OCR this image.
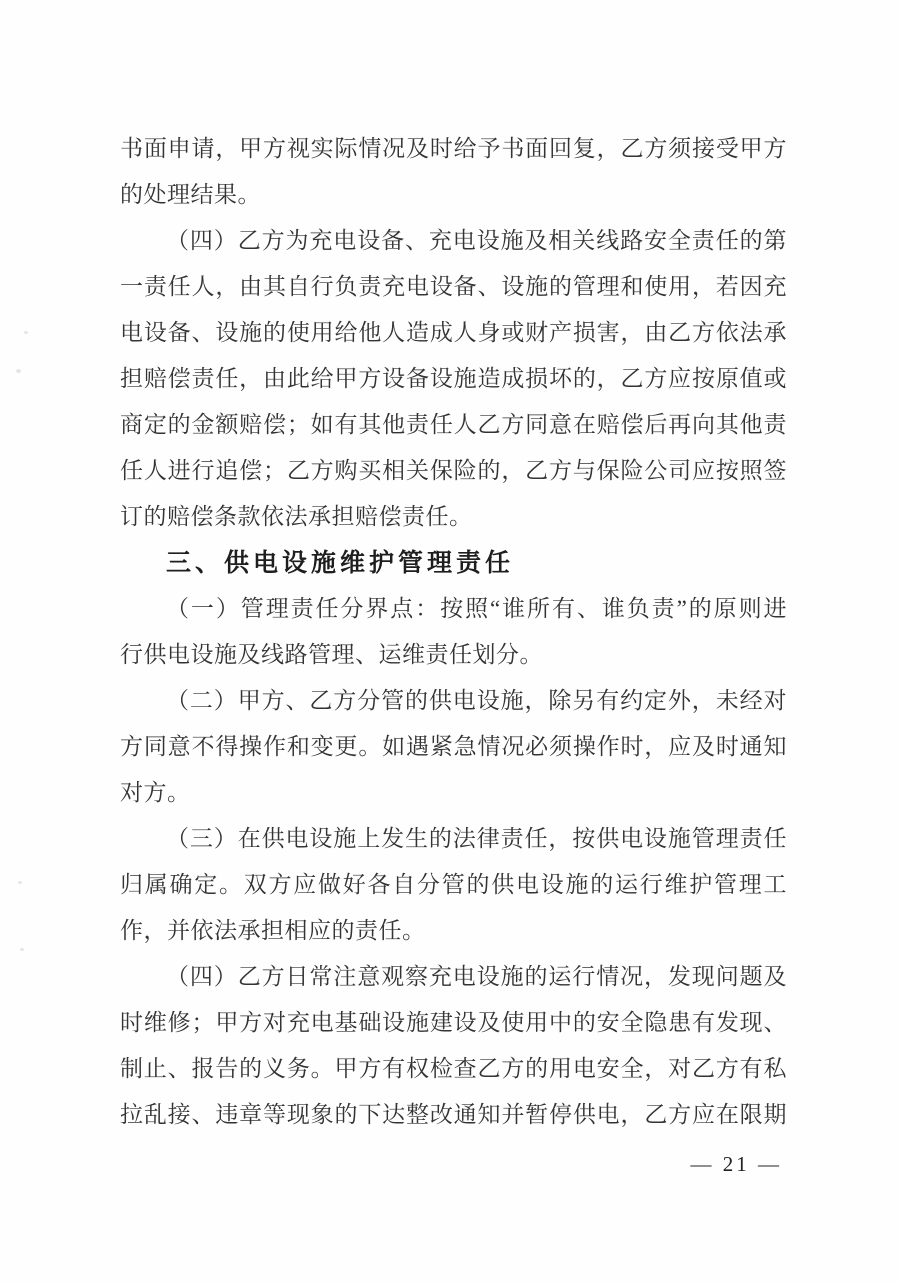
书面申请，甲方视实际情况及时给予书面回复，乙方须接受甲方
的处理结果。
（四）乙方为充电设备、充电设施及相关线路安全责任的第
一责任人，由其自行负责充电设备、设施的管理和使用，若因充
电设备、设施的使用给他人造成人身或财产损害，由乙方依法承
担赔偿责任，由此给甲方设备设施造成损坏的，乙方应按原值或
商定的金额赔偿；如有其他责任人乙方同意在赔偿后再向其他责
任人进行追偿；乙方购买相关保险的，乙方与保险公司应按照签
订的赔偿条款依法承担赔偿责任。
三、供电设施维护管理责任
（一）管理责任分界点：按照“谁所有、谁负责”的原则进
行供电设施及线路管理、运维责任划分。
（二）甲方、乙方分管的供电设施，除另有约定外，未经对
方同意不得操作和变更。如遇紧急情况必须操作时，应及时通知
对方。
（三）在供电设施上发生的法律责任，按供电设施管理责任
归属确定。双方应做好各自分管的供电设施的运行维护管理工
作，并依法承担相应的责任。
（四）乙方日常注意观察充电设施的运行情况，发现问题及
时维修；甲方对充电基础设施建设及使用中的安全隐患有发现、
制止、报告的义务。甲方有权检查乙方的用电安全，对乙方有私
拉乱接、违章等现象的下达整改通知并暂停供电，乙方应在限期
— 21 —
